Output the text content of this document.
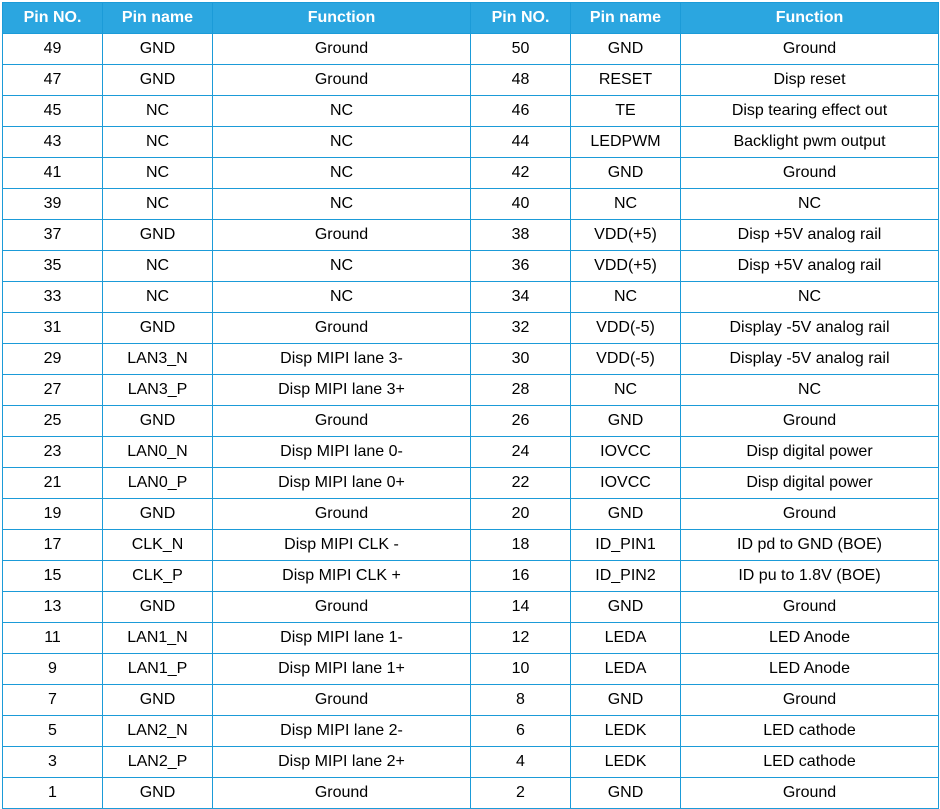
Pin NO.	Pin name	Function	Pin NO.	Pin name	Function
49	GND	Ground	50	GND	Ground
47	GND	Ground	48	RESET	Disp reset
45	NC	NC	46	TE	Disp tearing effect out
43	NC	NC	44	LEDPWM	Backlight pwm output
41	NC	NC	42	GND	Ground
39	NC	NC	40	NC	NC
37	GND	Ground	38	VDD(+5)	Disp +5V analog rail
35	NC	NC	36	VDD(+5)	Disp +5V analog rail
33	NC	NC	34	NC	NC
31	GND	Ground	32	VDD(-5)	Display -5V analog rail
29	LAN3_N	Disp MIPI lane 3-	30	VDD(-5)	Display -5V analog rail
27	LAN3_P	Disp MIPI lane 3+	28	NC	NC
25	GND	Ground	26	GND	Ground
23	LAN0_N	Disp MIPI lane 0-	24	IOVCC	Disp digital power
21	LAN0_P	Disp MIPI lane 0+	22	IOVCC	Disp digital power
19	GND	Ground	20	GND	Ground
17	CLK_N	Disp MIPI CLK -	18	ID_PIN1	ID pd to GND (BOE)
15	CLK_P	Disp MIPI CLK +	16	ID_PIN2	ID pu to 1.8V (BOE)
13	GND	Ground	14	GND	Ground
11	LAN1_N	Disp MIPI lane 1-	12	LEDA	LED Anode
9	LAN1_P	Disp MIPI lane 1+	10	LEDA	LED Anode
7	GND	Ground	8	GND	Ground
5	LAN2_N	Disp MIPI lane 2-	6	LEDK	LED cathode
3	LAN2_P	Disp MIPI lane 2+	4	LEDK	LED cathode
1	GND	Ground	2	GND	Ground
